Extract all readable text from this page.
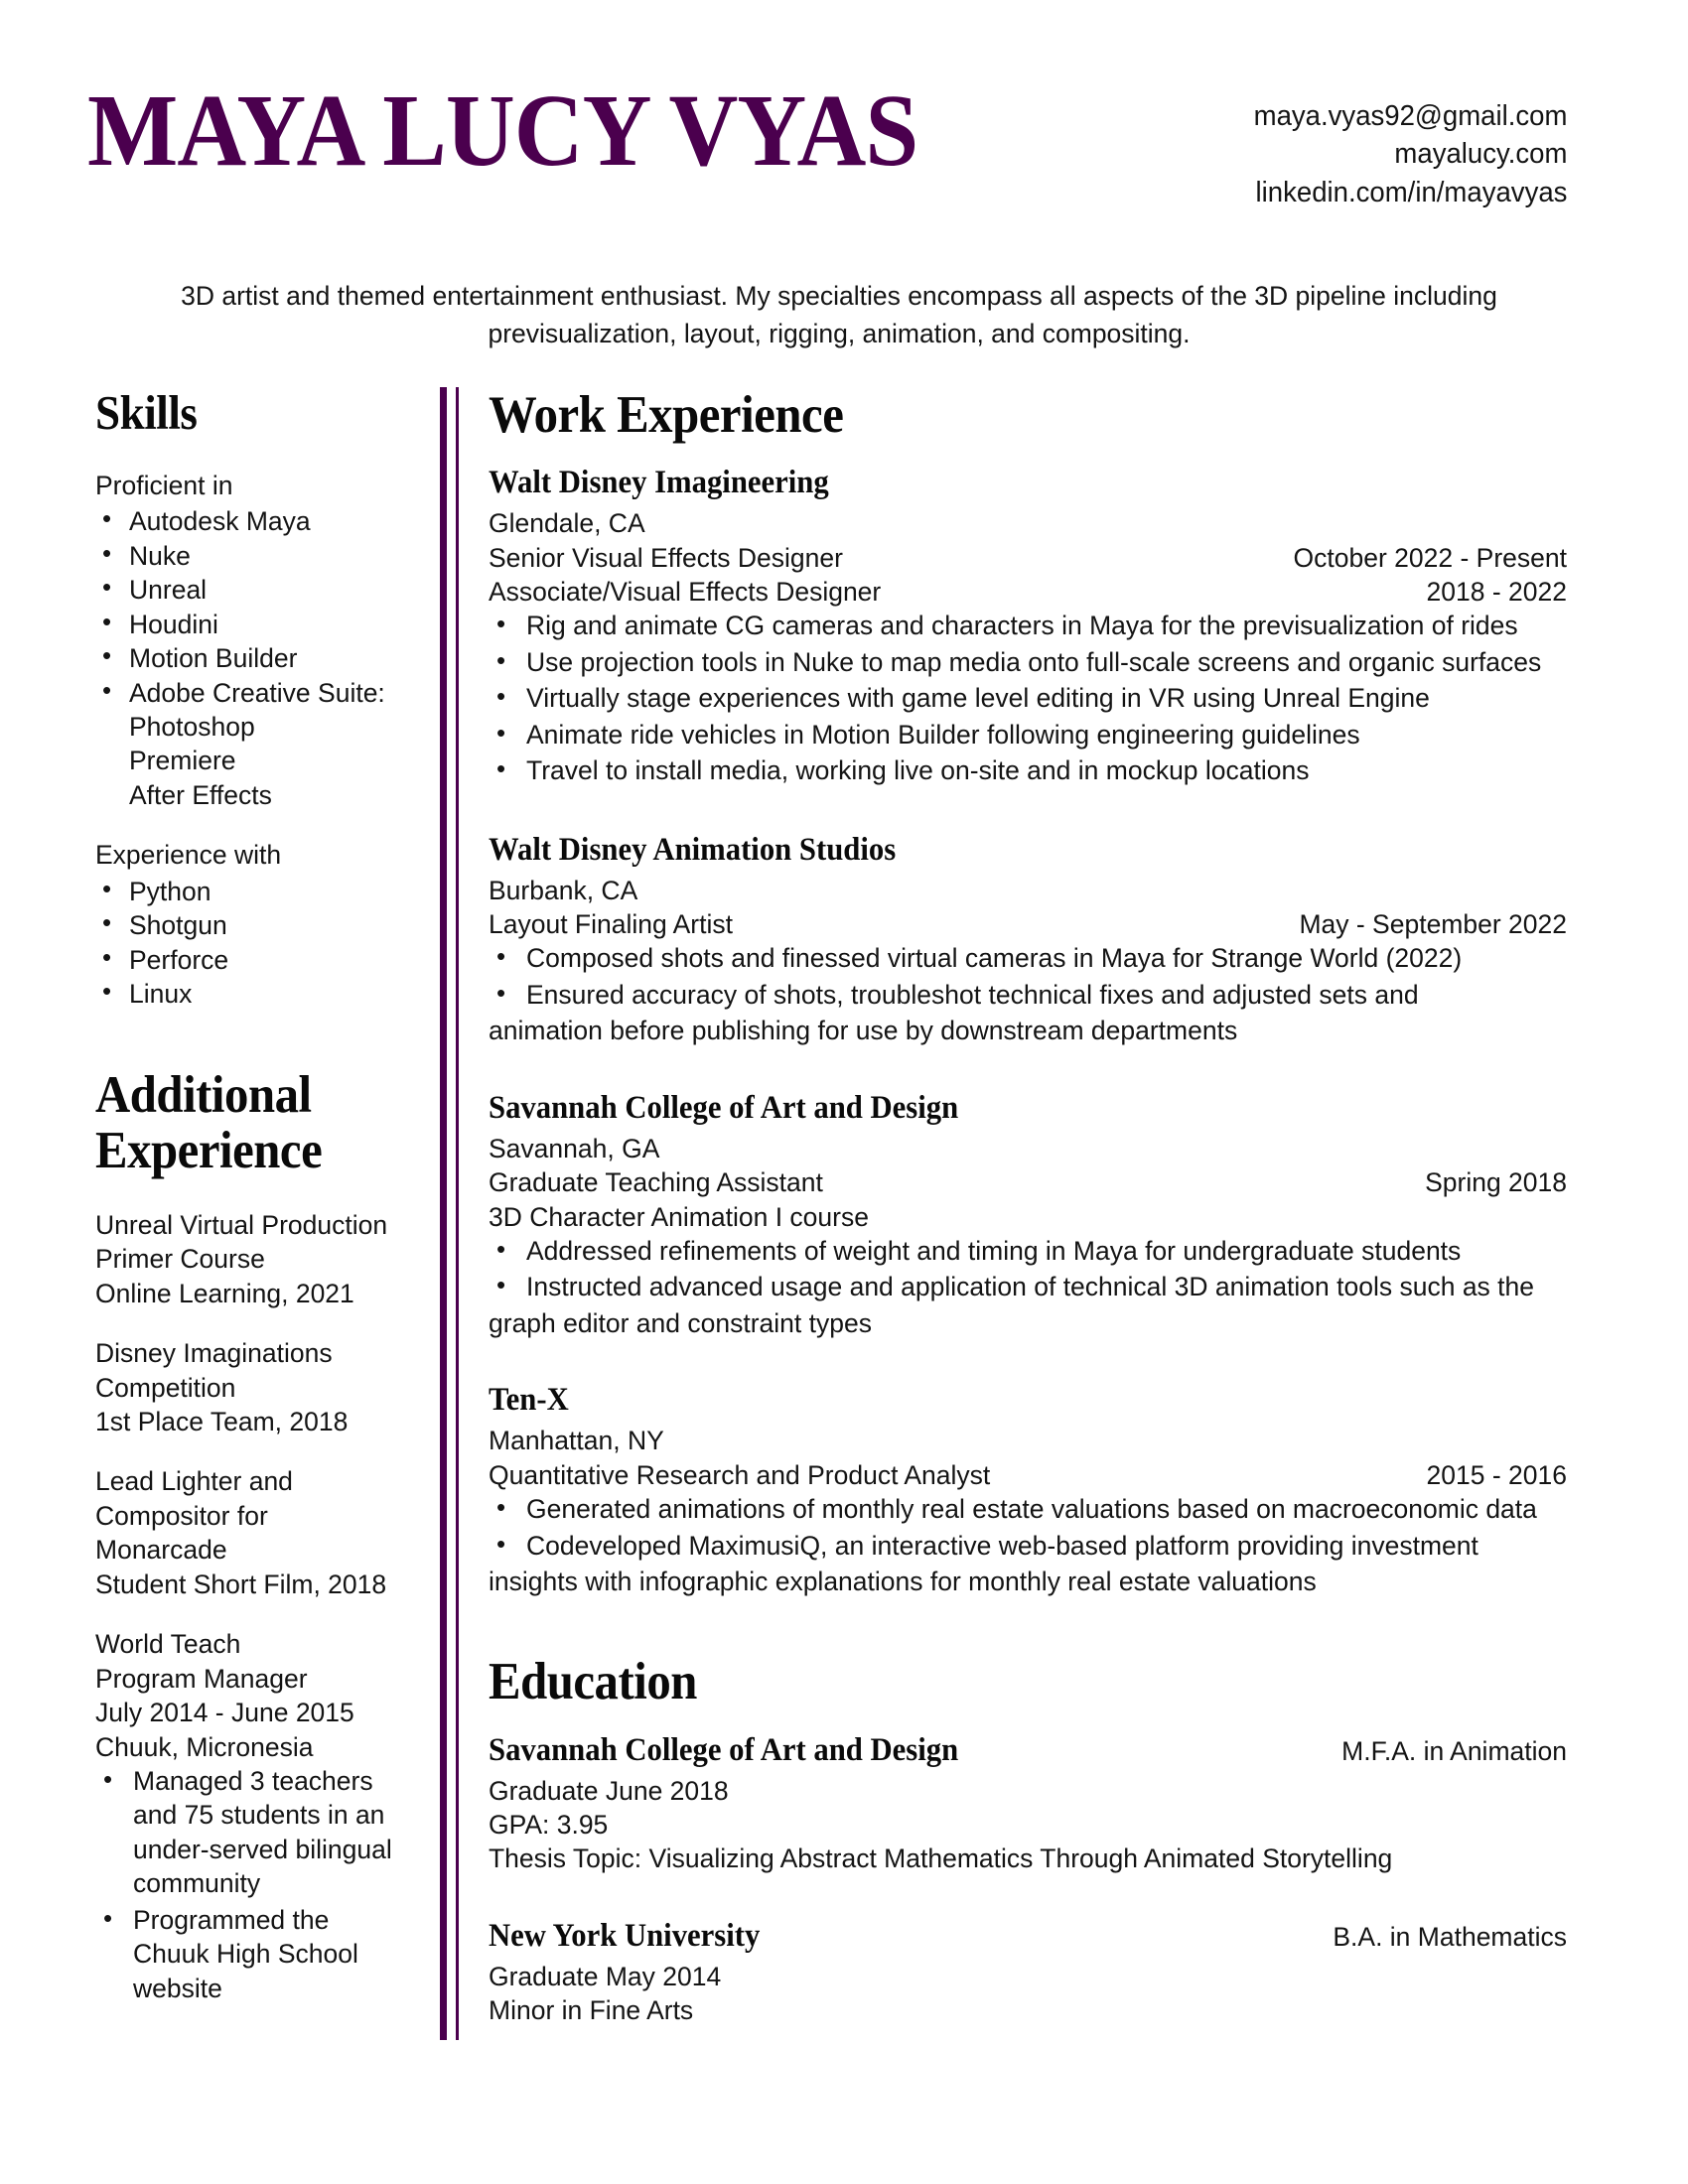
MAYA LUCY VYAS	maya.vyas92@gmail.com
mayalucy.com
linkedin.com/in/mayavyas
3D artist and themed entertainment enthusiast. My specialties encompass all aspects of the 3D pipeline including previsualization, layout, rigging, animation, and compositing.
Skills
Proficient in
• Autodesk Maya
• Nuke
• Unreal
• Houdini
• Motion Builder
• Adobe Creative Suite:
Photoshop
Premiere
After Effects
Experience with
• Python
• Shotgun
• Perforce
• Linux
Additional
Experience
Unreal Virtual Production
Primer Course
Online Learning, 2021
Disney Imaginations
Competition
1st Place Team, 2018
Lead Lighter and
Compositor for Monarcade
Student Short Film, 2018
World Teach
Program Manager
July 2014 - June 2015
Chuuk, Micronesia
• Managed 3 teachers and 75 students in an under-served bilingual community
• Programmed the Chuuk High School website
Work Experience
Walt Disney Imagineering
Glendale, CA
Senior Visual Effects Designer	October 2022 - Present
Associate/Visual Effects Designer	2018 - 2022
• Rig and animate CG cameras and characters in Maya for the previsualization of rides
• Use projection tools in Nuke to map media onto full-scale screens and organic surfaces
• Virtually stage experiences with game level editing in VR using Unreal Engine
• Animate ride vehicles in Motion Builder following engineering guidelines
• Travel to install media, working live on-site and in mockup locations
Walt Disney Animation Studios
Burbank, CA
Layout Finaling Artist	May - September 2022
• Composed shots and finessed virtual cameras in Maya for Strange World (2022)
• Ensured accuracy of shots, troubleshot technical fixes and adjusted sets and
animation before publishing for use by downstream departments
Savannah College of Art and Design
Savannah, GA
Graduate Teaching Assistant	Spring 2018
3D Character Animation I course
• Addressed refinements of weight and timing in Maya for undergraduate students
• Instructed advanced usage and application of technical 3D animation tools such as the
graph editor and constraint types
Ten-X
Manhattan, NY
Quantitative Research and Product Analyst	2015 - 2016
• Generated animations of monthly real estate valuations based on macroeconomic data
• Codeveloped MaximusiQ, an interactive web-based platform providing investment
insights with infographic explanations for monthly real estate valuations
Education
Savannah College of Art and Design	M.F.A. in Animation
Graduate June 2018
GPA: 3.95
Thesis Topic: Visualizing Abstract Mathematics Through Animated Storytelling
New York University	B.A. in Mathematics
Graduate May 2014
Minor in Fine Arts
